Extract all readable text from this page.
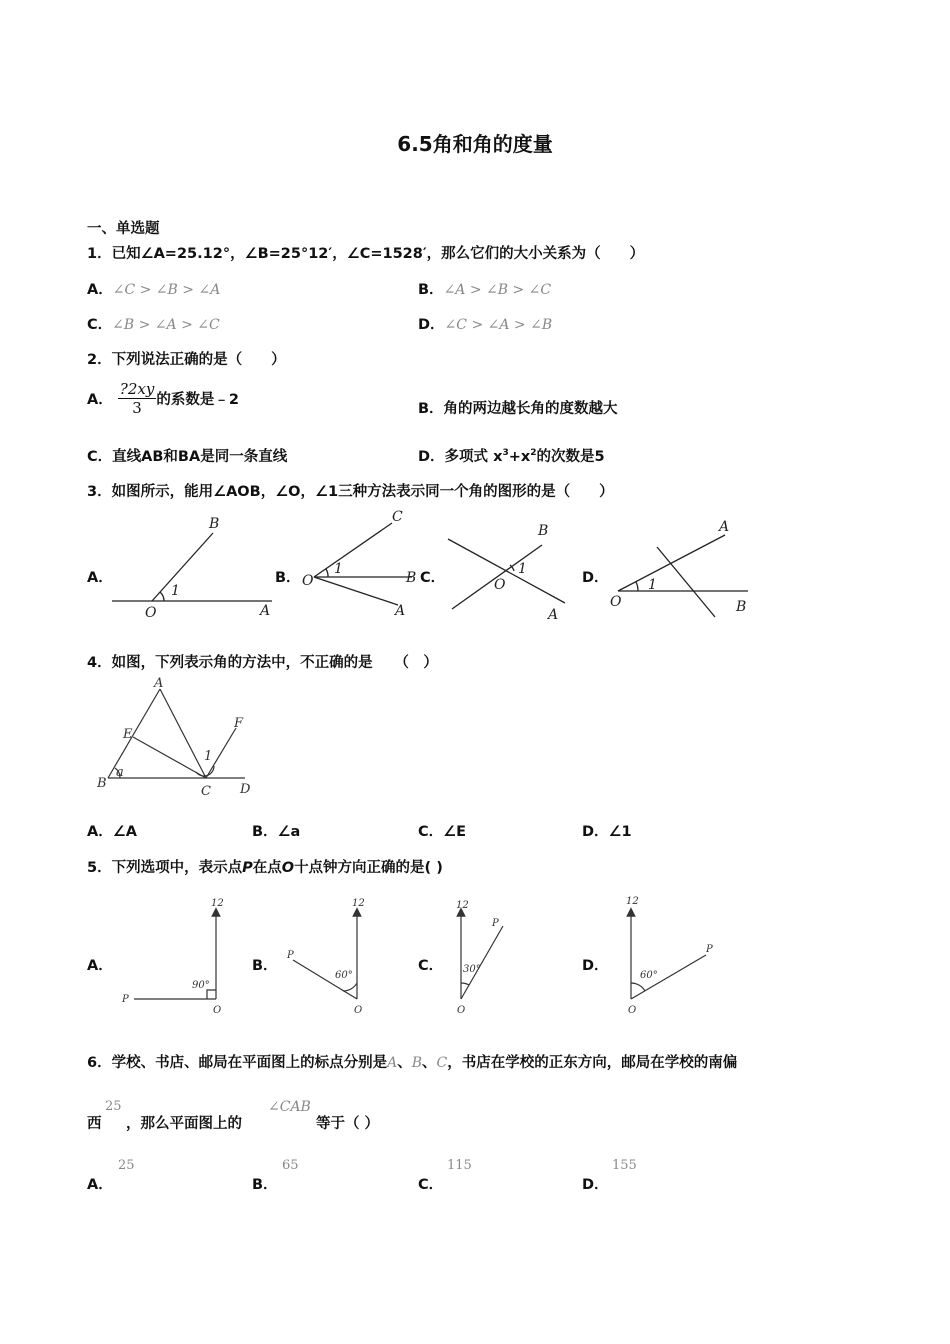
6.5角和角的度量
一、单选题
1．已知∠A=25.12°，∠B=25°12′，∠C=1528′，那么它们的大小关系为（　　）
A．∠C > ∠B > ∠A	B．∠A > ∠B > ∠C
C．∠B > ∠A > ∠C	D．∠C > ∠A > ∠B
2．下列说法正确的是（　　）
A． $\frac{?2xy}{3}$ 的系数是﹣2
B．角的两边越长角的度数越大
C．直线AB和BA是同一条直线	D．多项式 $x^3+x^2$的次数是5
3．如图所示，能用∠AOB，∠O，∠1三种方法表示同一个角的图形的是（　　）
A．	B．	C．	D．
B
O	A
1
C
O	B
A
1
B
O
A
1
A
O	B
1
4．如图，下列表示角的方法中，不正确的是　　（　）
A
E
F
1
a
B
C D
A．∠A	B．∠a	C．∠E	D．∠1
5．下列选项中，表示点P在点O十点钟方向正确的是( )
A．	B．	C．	D．
12
P
O
90°
12
P
O
60°
12
P
O
30°
12
P
O
60°
6．学校、书店、邮局在平面图上的标点分别是A、B、C，书店在学校的正东方向，邮局在学校的南偏
西
25
，那么平面图上的
∠CAB
等于（ ）
A．
25
B．
65
C．
115
D．
155
